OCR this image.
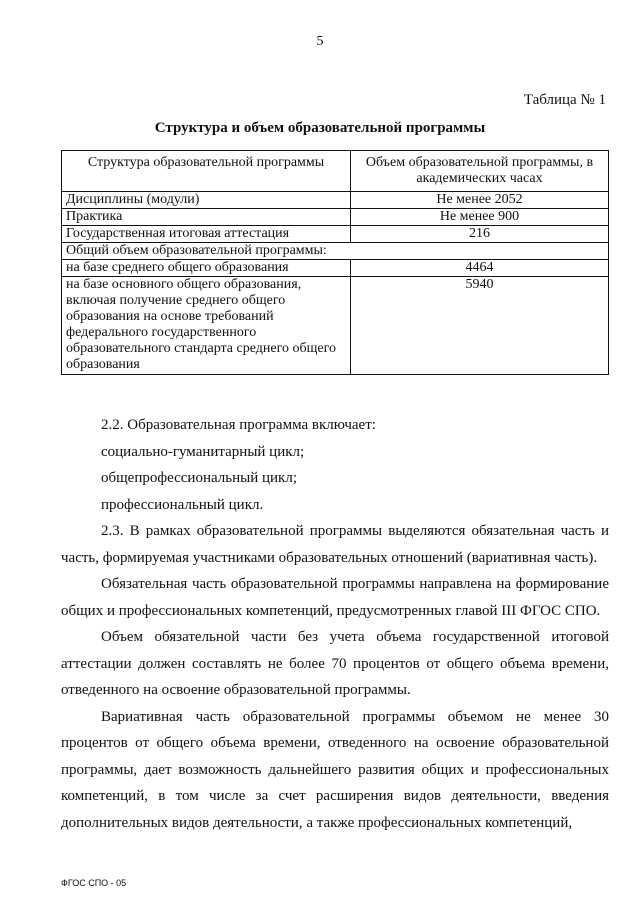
5
Таблица № 1
Структура и объем образовательной программы
Структура образовательной программы	Объем образовательной программы, в академических часах
Дисциплины (модули)	Не менее 2052
Практика	Не менее 900
Государственная итоговая аттестация	216
Общий объем образовательной программы:	
на базе среднего общего образования	4464
на базе основного общего образования, включая получение среднего общего образования на основе требований федерального государственного образовательного стандарта среднего общего образования	5940

2.2. Образовательная программа включает:

социально-гуманитарный цикл;

общепрофессиональный цикл;

профессиональный цикл.

2.3. В рамках образовательной программы выделяются обязательная часть и часть, формируемая участниками образовательных отношений (вариативная часть).

Обязательная часть образовательной программы направлена на формирование общих и профессиональных компетенций, предусмотренных главой III ФГОС СПО.

Объем обязательной части без учета объема государственной итоговой аттестации должен составлять не более 70 процентов от общего объема времени, отведенного на освоение образовательной программы.

Вариативная часть образовательной программы объемом не менее 30 процентов от общего объема времени, отведенного на освоение образовательной программы, дает возможность дальнейшего развития общих и профессиональных компетенций, в том числе за счет расширения видов деятельности, введения дополнительных видов деятельности, а также профессиональных компетенций,

ФГОС СПО - 05
